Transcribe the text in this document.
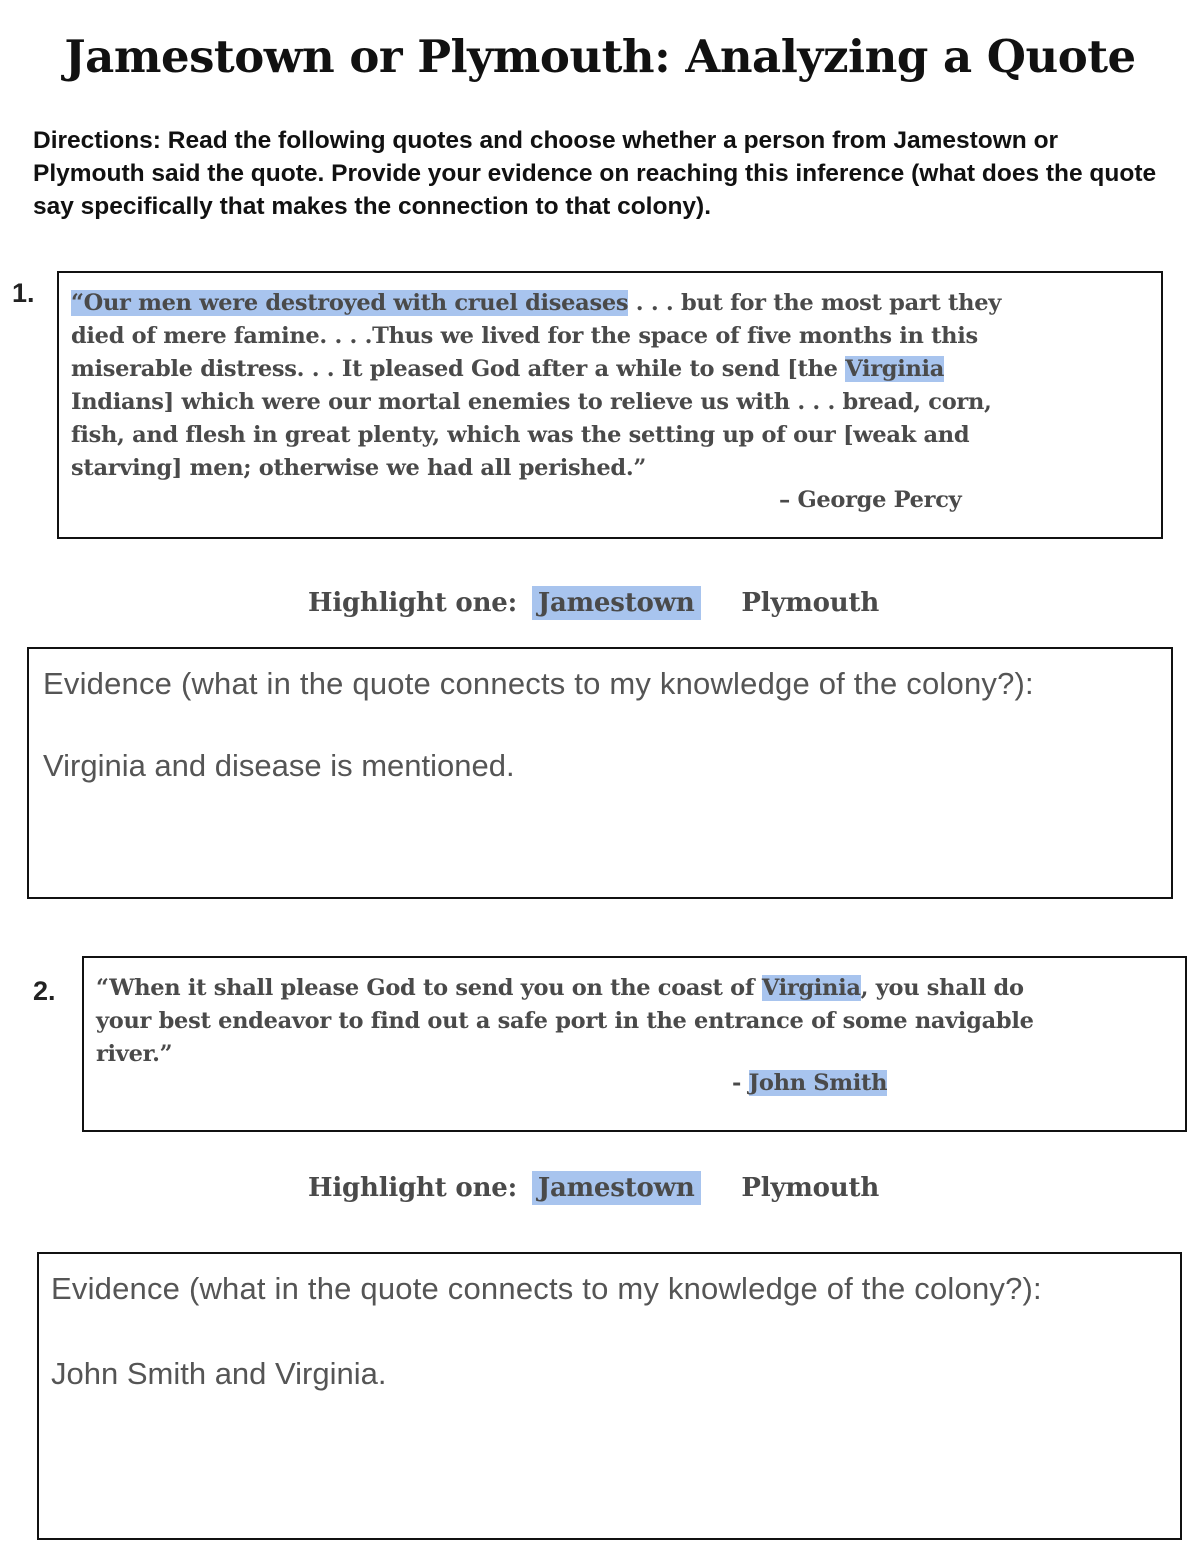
Jamestown or Plymouth: Analyzing a Quote
Directions: Read the following quotes and choose whether a person from Jamestown or Plymouth said the quote. Provide your evidence on reaching this inference (what does the quote say specifically that makes the connection to that colony).
1. “Our men were destroyed with cruel diseases . . . but for the most part they
died of mere famine. . . .Thus we lived for the space of five months in this
miserable distress. . . It pleased God after a while to send [the Virginia
Indians] which were our mortal enemies to relieve us with . . . bread, corn,
fish, and flesh in great plenty, which was the setting up of our [weak and
starving] men; otherwise we had all perished.”
– George Percy
Highlight one: Jamestown Plymouth
Evidence (what in the quote connects to my knowledge of the colony?):
Virginia and disease is mentioned.
2. “When it shall please God to send you on the coast of Virginia, you shall do
your best endeavor to find out a safe port in the entrance of some navigable
river.”
- John Smith
Highlight one: Jamestown Plymouth
Evidence (what in the quote connects to my knowledge of the colony?):
John Smith and Virginia.
